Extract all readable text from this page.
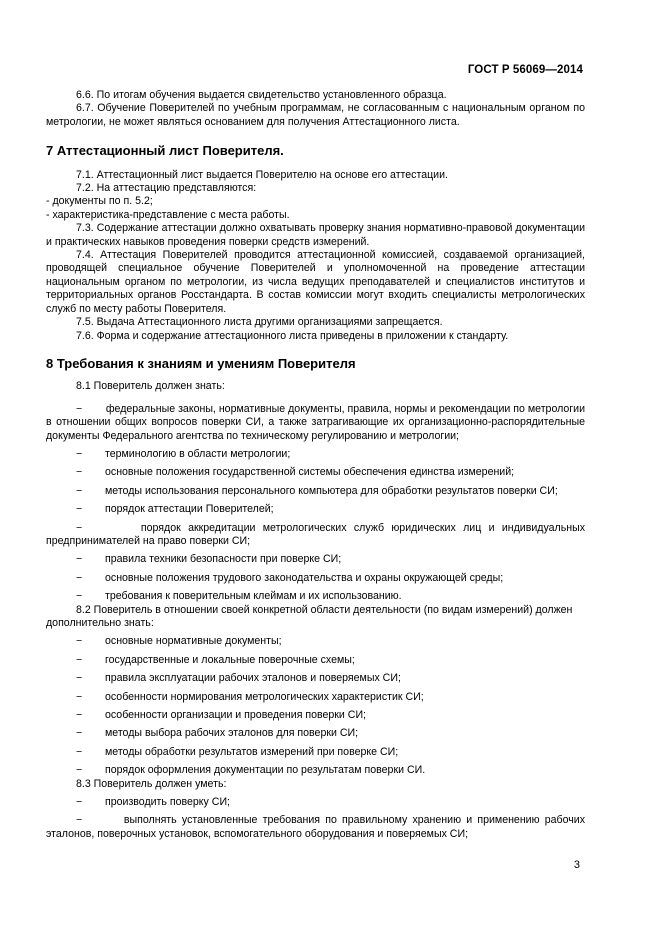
ГОСТ Р 56069—2014

6.6. По итогам обучения выдается свидетельство установленного образца.

6.7. Обучение Поверителей по учебным программам, не согласованным с национальным органом по метрологии, не может являться основанием для получения Аттестационного листа.

7 Аттестационный лист Поверителя.

7.1. Аттестационный лист выдается Поверителю на основе его аттестации.

7.2. На аттестацию представляются:

- документы по п. 5.2;

- характеристика-представление с места работы.

7.3. Содержание аттестации должно охватывать проверку знания нормативно-правовой документации и практических навыков проведения поверки средств измерений.

7.4. Аттестация Поверителей проводится аттестационной комиссией, создаваемой организацией, проводящей специальное обучение Поверителей и уполномоченной на проведение аттестации национальным органом по метрологии, из числа ведущих преподавателей и специалистов институтов и территориальных органов Росстандарта. В состав комиссии могут входить специалисты метрологических служб по месту работы Поверителя.

7.5. Выдача Аттестационного листа другими организациями запрещается.

7.6. Форма и содержание аттестационного листа приведены в приложении к стандарту.

8 Требования к знаниям и умениям Поверителя

8.1 Поверитель должен знать:

−        федеральные законы, нормативные документы, правила, нормы и рекомендации по метрологии в отношении общих вопросов поверки СИ, а также затрагивающие их организационно-распорядительные документы Федерального агентства по техническому регулированию и метрологии;

−	терминологию в области метрологии;
−	основные положения государственной системы обеспечения единства измерений;
−	методы использования персонального компьютера для обработки результатов поверки СИ;
−	порядок аттестации Поверителей;

−        порядок аккредитации метрологических служб юридических лиц и индивидуальных предпринимателей на право поверки СИ;

−	правила техники безопасности при поверке СИ;
−	основные положения трудового законодательства и охраны окружающей среды;
−	требования к поверительным клеймам и их использованию.

8.2 Поверитель в отношении своей конкретной области деятельности (по видам измерений) должен дополнительно знать:

−	основные нормативные документы;
−	государственные и локальные поверочные схемы;
−	правила эксплуатации рабочих эталонов и поверяемых СИ;
−	особенности нормирования метрологических характеристик СИ;
−	особенности организации и проведения поверки СИ;
−	методы выбора рабочих эталонов для поверки СИ;
−	методы обработки результатов измерений при поверке СИ;
−	порядок оформления документации по результатам поверки СИ.

8.3 Поверитель должен уметь:

−	производить поверку СИ;

−        выполнять установленные требования по правильному хранению и применению рабочих эталонов, поверочных установок, вспомогательного оборудования и поверяемых СИ;

3
